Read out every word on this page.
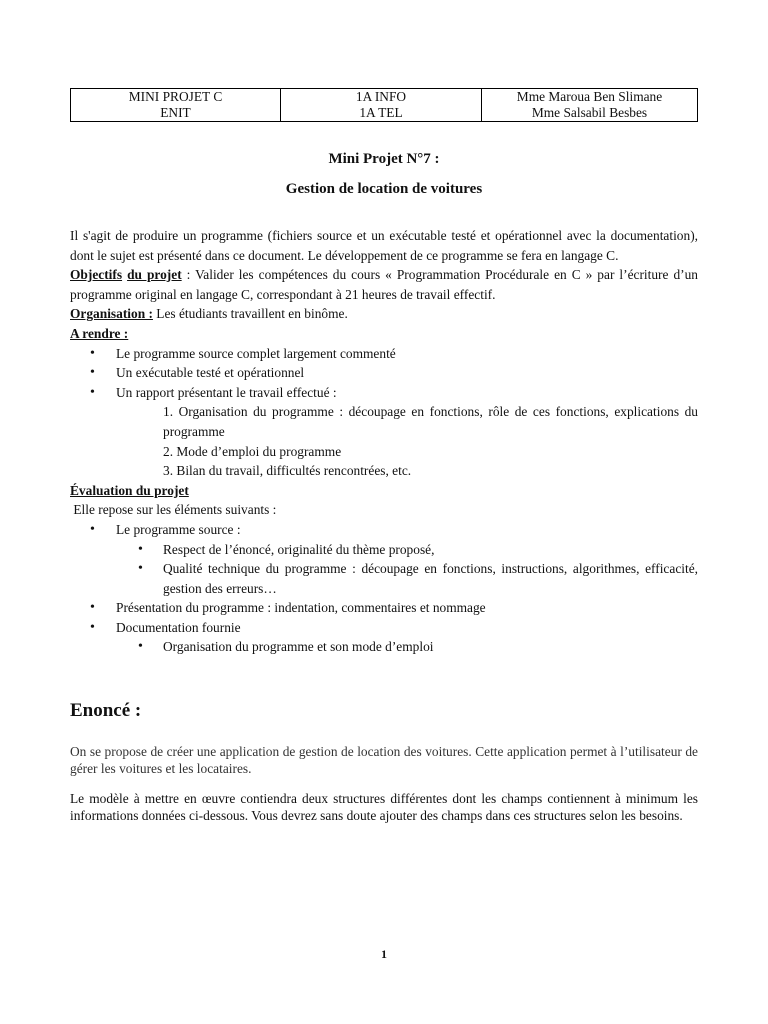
MINI PROJET C
ENIT

1A INFO
1A TEL

Mme Maroua Ben Slimane
Mme Salsabil Besbes
Mini Projet N°7 :
Gestion de location de voitures

Il s'agit de produire un programme (fichiers source et un exécutable testé et opérationnel avec la documentation), dont le sujet est présenté dans ce document. Le développement de ce programme se fera en langage C.

Objectifs du projet : Valider les compétences du cours « Programmation Procédurale en C » par l’écriture d’un programme original en langage C, correspondant à 21 heures de travail effectif.

Organisation : Les étudiants travaillent en binôme.

A rendre :
• Le programme source complet largement commenté
• Un exécutable testé et opérationnel
• Un rapport présentant le travail effectué :
1. Organisation du programme : découpage en fonctions, rôle de ces fonctions, explications du programme
2. Mode d’emploi du programme
3. Bilan du travail, difficultés rencontrées, etc.
Évaluation du projet
Elle repose sur les éléments suivants :
• Le programme source :
• Respect de l’énoncé, originalité du thème proposé,
• Qualité technique du programme : découpage en fonctions, instructions, algorithmes, efficacité, gestion des erreurs…
• Présentation du programme : indentation, commentaires et nommage
• Documentation fournie
• Organisation du programme et son mode d’emploi
Enoncé :

On se propose de créer une application de gestion de location des voitures. Cette application permet à l’utilisateur de gérer les voitures et les locataires.

Le modèle à mettre en œuvre contiendra deux structures différentes dont les champs contiennent à minimum les informations données ci-dessous. Vous devrez sans doute ajouter des champs dans ces structures selon les besoins.

1
